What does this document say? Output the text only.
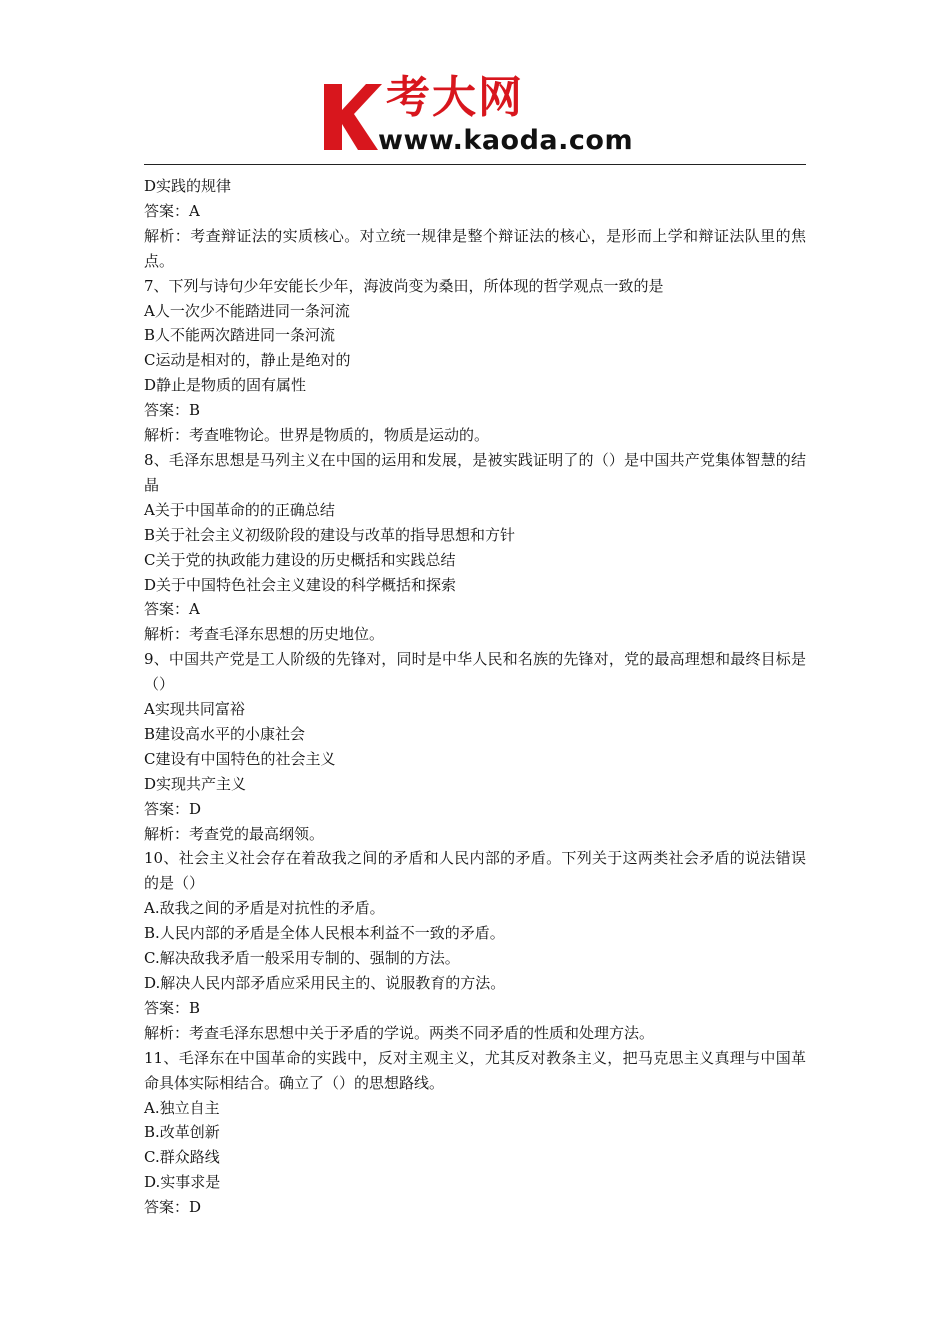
考大网
www.kaoda.com
D实践的规律
答案：A
解析：考查辩证法的实质核心。对立统一规律是整个辩证法的核心，是形而上学和辩证法队里的焦点。
7、下列与诗句少年安能长少年，海波尚变为桑田，所体现的哲学观点一致的是
A人一次少不能踏进同一条河流
B人不能两次踏进同一条河流
C运动是相对的，静止是绝对的
D静止是物质的固有属性
答案：B
解析：考查唯物论。世界是物质的，物质是运动的。
8、毛泽东思想是马列主义在中国的运用和发展，是被实践证明了的（）是中国共产党集体智慧的结晶
A关于中国革命的的正确总结
B关于社会主义初级阶段的建设与改革的指导思想和方针
C关于党的执政能力建设的历史概括和实践总结
D关于中国特色社会主义建设的科学概括和探索
答案：A
解析：考查毛泽东思想的历史地位。
9、中国共产党是工人阶级的先锋对，同时是中华人民和名族的先锋对，党的最高理想和最终目标是（）
A实现共同富裕
B建设高水平的小康社会
C建设有中国特色的社会主义
D实现共产主义
答案：D
解析：考查党的最高纲领。
10、社会主义社会存在着敌我之间的矛盾和人民内部的矛盾。下列关于这两类社会矛盾的说法错误的是（）
A.敌我之间的矛盾是对抗性的矛盾。
B.人民内部的矛盾是全体人民根本利益不一致的矛盾。
C.解决敌我矛盾一般采用专制的、强制的方法。
D.解决人民内部矛盾应采用民主的、说服教育的方法。
答案：B
解析：考查毛泽东思想中关于矛盾的学说。两类不同矛盾的性质和处理方法。
11、毛泽东在中国革命的实践中，反对主观主义，尤其反对教条主义，把马克思主义真理与中国革命具体实际相结合。确立了（）的思想路线。
A.独立自主
B.改革创新
C.群众路线
D.实事求是
答案：D
